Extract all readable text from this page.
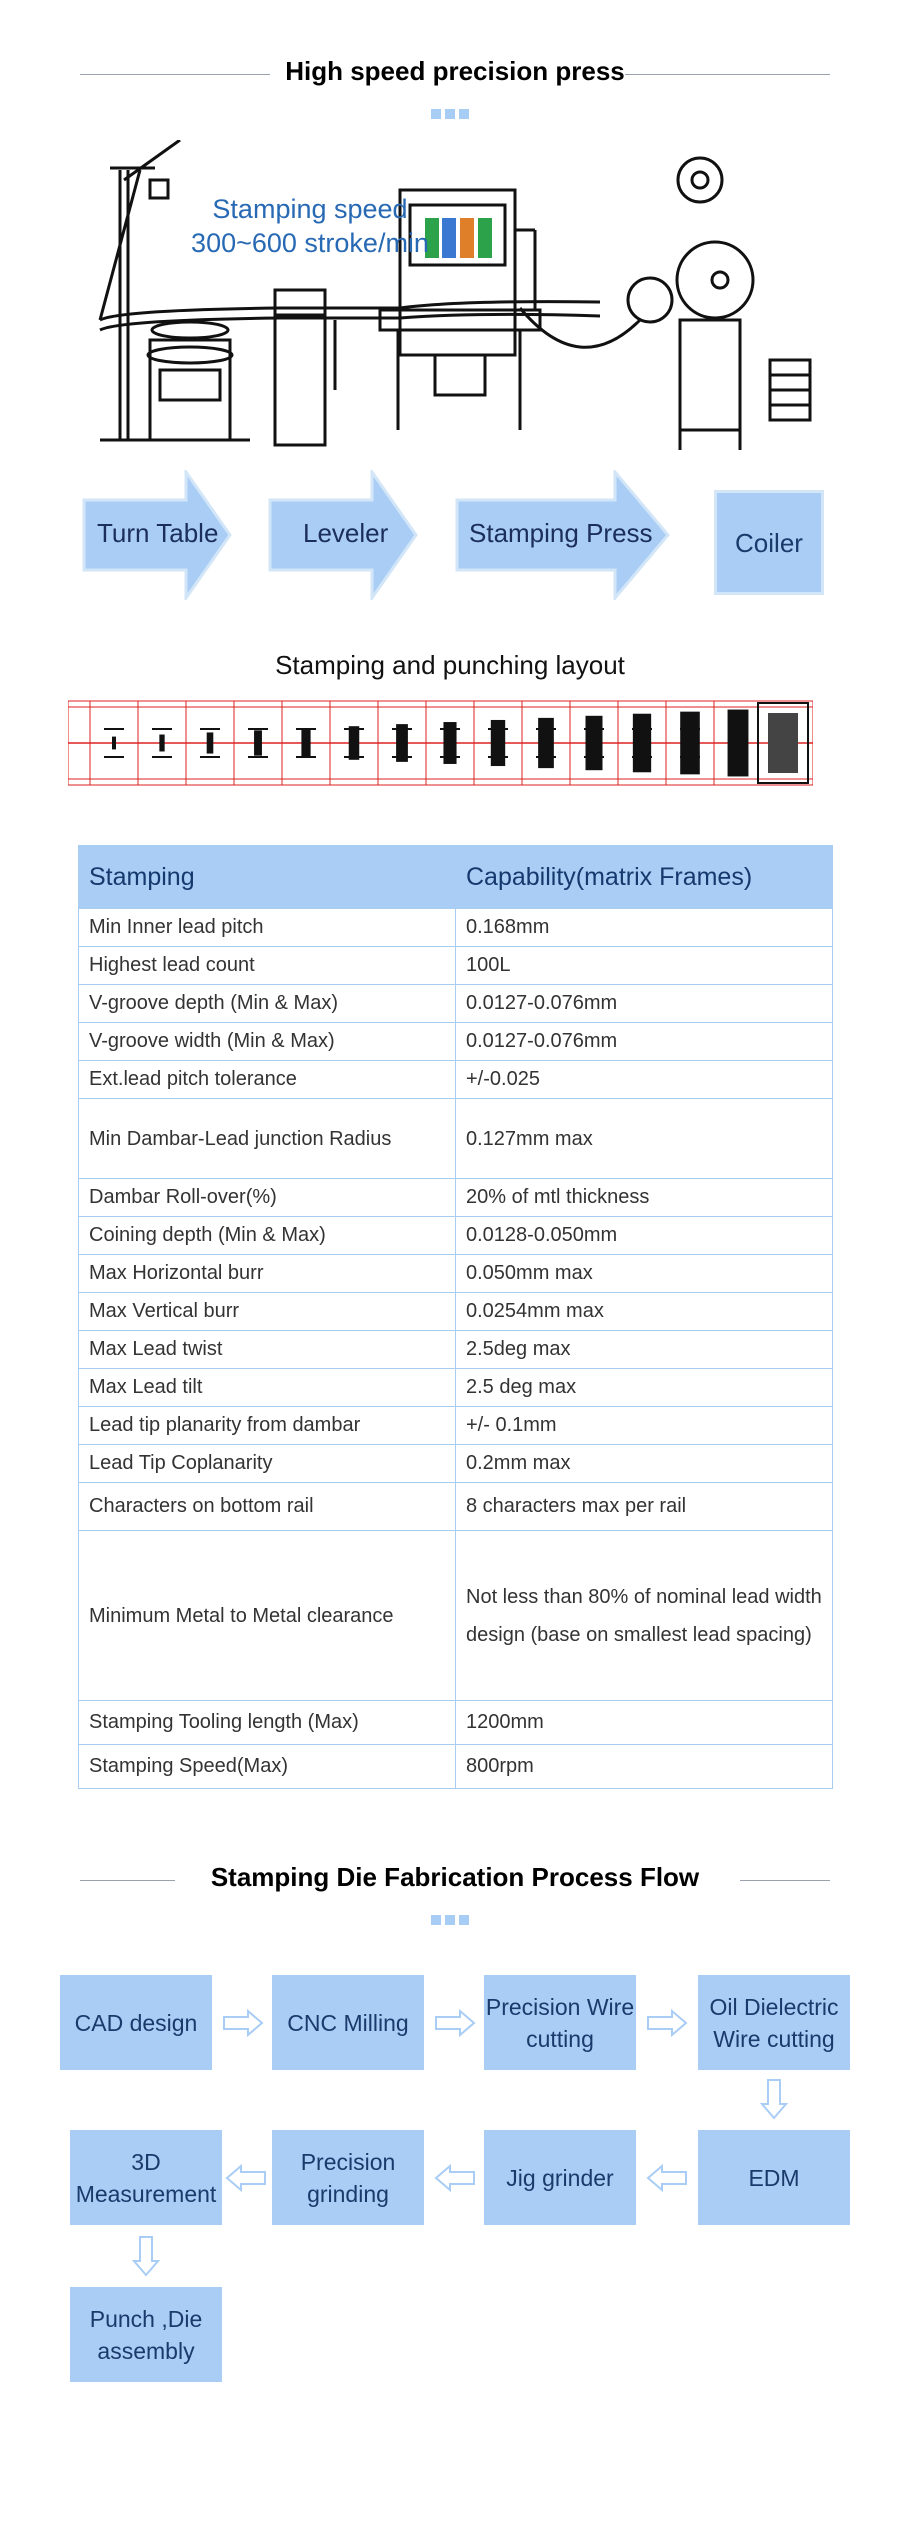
High speed precision press
Stamping speed
300~600 stroke/min
Turn Table	Leveler	Stamping Press	Coiler
Stamping and punching layout
Stamping	Capability(matrix Frames)
Min Inner lead pitch	0.168mm
Highest lead count	100L
V-groove depth (Min & Max)	0.0127-0.076mm
V-groove width (Min & Max)	0.0127-0.076mm
Ext.lead pitch tolerance	+/-0.025
Min Dambar-Lead junction Radius	0.127mm max
Dambar Roll-over(%)	20% of mtl thickness
Coining depth (Min & Max)	0.0128-0.050mm
Max Horizontal burr	0.050mm max
Max Vertical burr	0.0254mm max
Max Lead twist	2.5deg max
Max Lead tilt	2.5 deg max
Lead tip planarity from dambar	+/- 0.1mm
Lead Tip Coplanarity	0.2mm max
Characters on bottom rail	8 characters max per rail
Minimum Metal to Metal clearance	Not less than 80% of nominal lead width design (base on smallest lead spacing)
Stamping Tooling length (Max)	1200mm
Stamping Speed(Max)	800rpm
Stamping Die Fabrication Process Flow
CAD design	CNC Milling
Precision Wire cutting
Oil Dielectric Wire cutting
EDM
Jig grinder
Precision grinding
3D Measurement
Punch ,Die assembly
